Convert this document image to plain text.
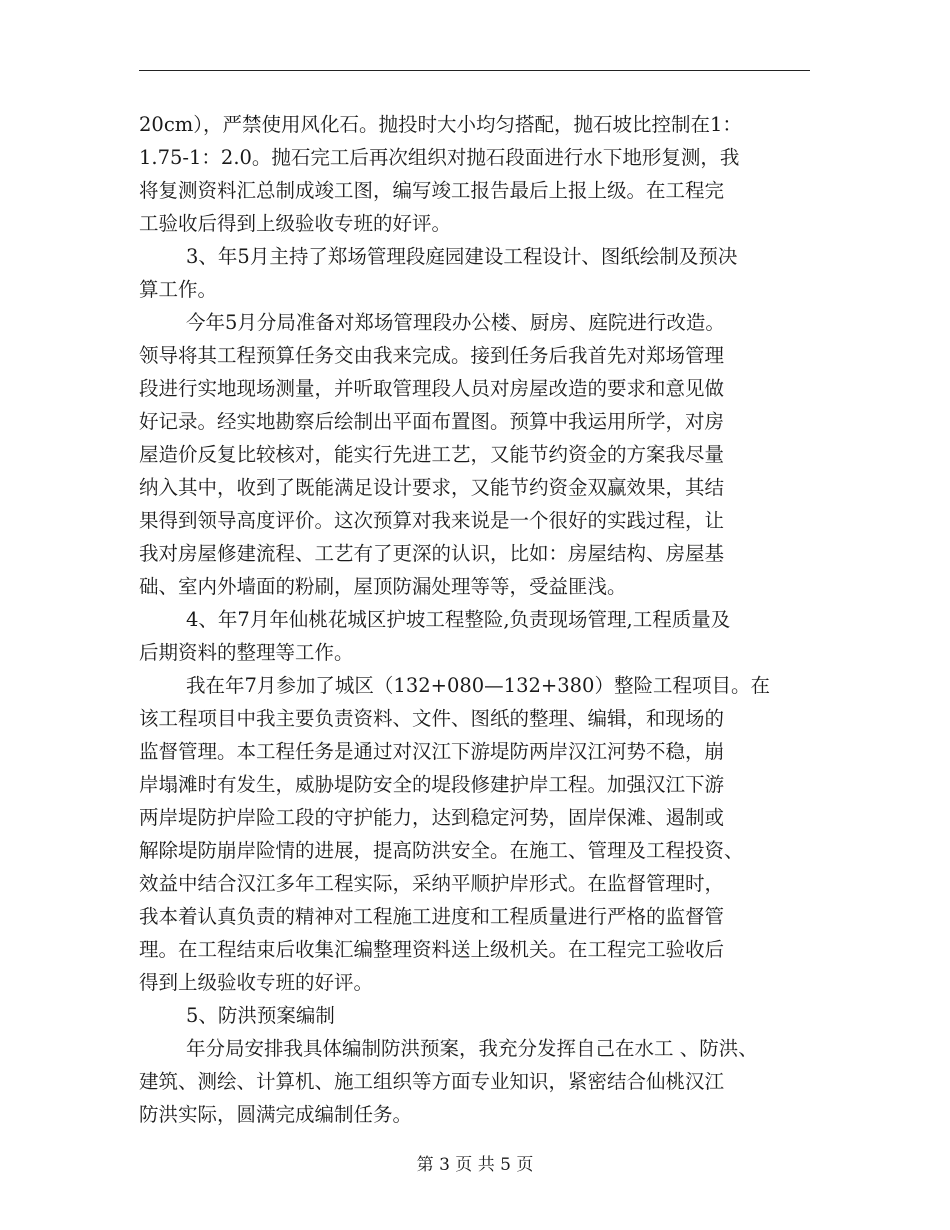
20cm），严禁使用风化石。抛投时大小均匀搭配，抛石坡比控制在1：
1.75-1：2.0。抛石完工后再次组织对抛石段面进行水下地形复测，我
将复测资料汇总制成竣工图，编写竣工报告最后上报上级。在工程完
工验收后得到上级验收专班的好评。
3、年5月主持了郑场管理段庭园建设工程设计、图纸绘制及预决
算工作。
今年5月分局准备对郑场管理段办公楼、厨房、庭院进行改造。
领导将其工程预算任务交由我来完成。接到任务后我首先对郑场管理
段进行实地现场测量，并听取管理段人员对房屋改造的要求和意见做
好记录。经实地勘察后绘制出平面布置图。预算中我运用所学，对房
屋造价反复比较核对，能实行先进工艺，又能节约资金的方案我尽量
纳入其中，收到了既能满足设计要求，又能节约资金双赢效果，其结
果得到领导高度评价。这次预算对我来说是一个很好的实践过程，让
我对房屋修建流程、工艺有了更深的认识，比如：房屋结构、房屋基
础、室内外墙面的粉刷，屋顶防漏处理等等，受益匪浅。
4、年7月年仙桃花城区护坡工程整险,负责现场管理,工程质量及
后期资料的整理等工作。
我在年7月参加了城区（132+080—132+380）整险工程项目。在
该工程项目中我主要负责资料、文件、图纸的整理、编辑，和现场的
监督管理。本工程任务是通过对汉江下游堤防两岸汉江河势不稳，崩
岸塌滩时有发生，威胁堤防安全的堤段修建护岸工程。加强汉江下游
两岸堤防护岸险工段的守护能力，达到稳定河势，固岸保滩、遏制或
解除堤防崩岸险情的进展，提高防洪安全。在施工、管理及工程投资、
效益中结合汉江多年工程实际，采纳平顺护岸形式。在监督管理时，
我本着认真负责的精神对工程施工进度和工程质量进行严格的监督管
理。在工程结束后收集汇编整理资料送上级机关。在工程完工验收后
得到上级验收专班的好评。
5、防洪预案编制
年分局安排我具体编制防洪预案，我充分发挥自己在水工 、防洪、
建筑、测绘、计算机、施工组织等方面专业知识，紧密结合仙桃汉江
防洪实际，圆满完成编制任务。
第 3 页 共 5 页
